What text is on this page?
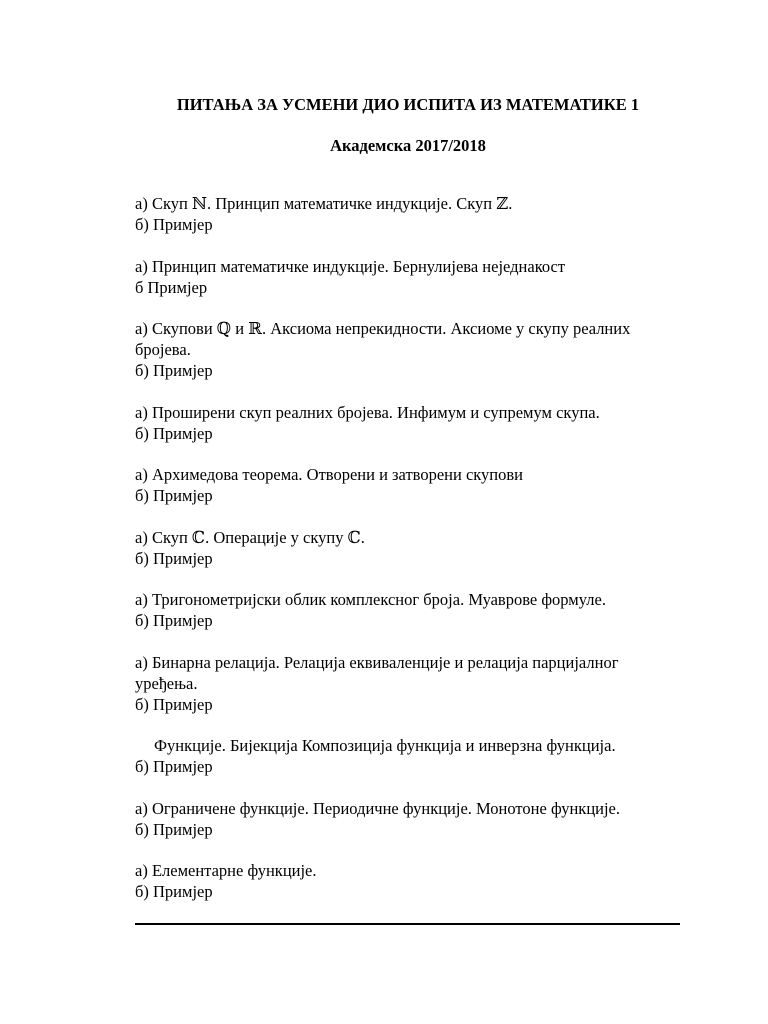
ПИТАЊА ЗА УСМЕНИ ДИО ИСПИТА ИЗ МАТЕМАТИКЕ 1
Академска 2017/2018
а) Скуп ℕ. Принцип математичке индукције. Скуп ℤ.
б) Примјер
а) Принцип математичке индукције. Бернулијева неједнакост
б Примјер
а) Скупови ℚ и ℝ. Аксиома непрекидности. Аксиоме у скупу реалних
бројева.
б) Примјер
а) Проширени скуп реалних бројева. Инфимум и супремум скупа.
б) Примјер
а) Архимедова теорема. Отворени и затворени скупови
б) Примјер
а) Скуп ℂ. Операције у скупу ℂ.
б) Примјер
а) Тригонометријски облик комплексног броја. Муаврове формуле.
б) Примјер
а) Бинарна релација. Релација еквиваленције и релација парцијалног
уређења.
б) Примјер
Функције. Бијекција Композиција функција и инверзна функција.
б) Примјер
а) Ограничене функције. Периодичне функције. Монотоне функције.
б) Примјер
а) Елементарне функције.
б) Примјер
